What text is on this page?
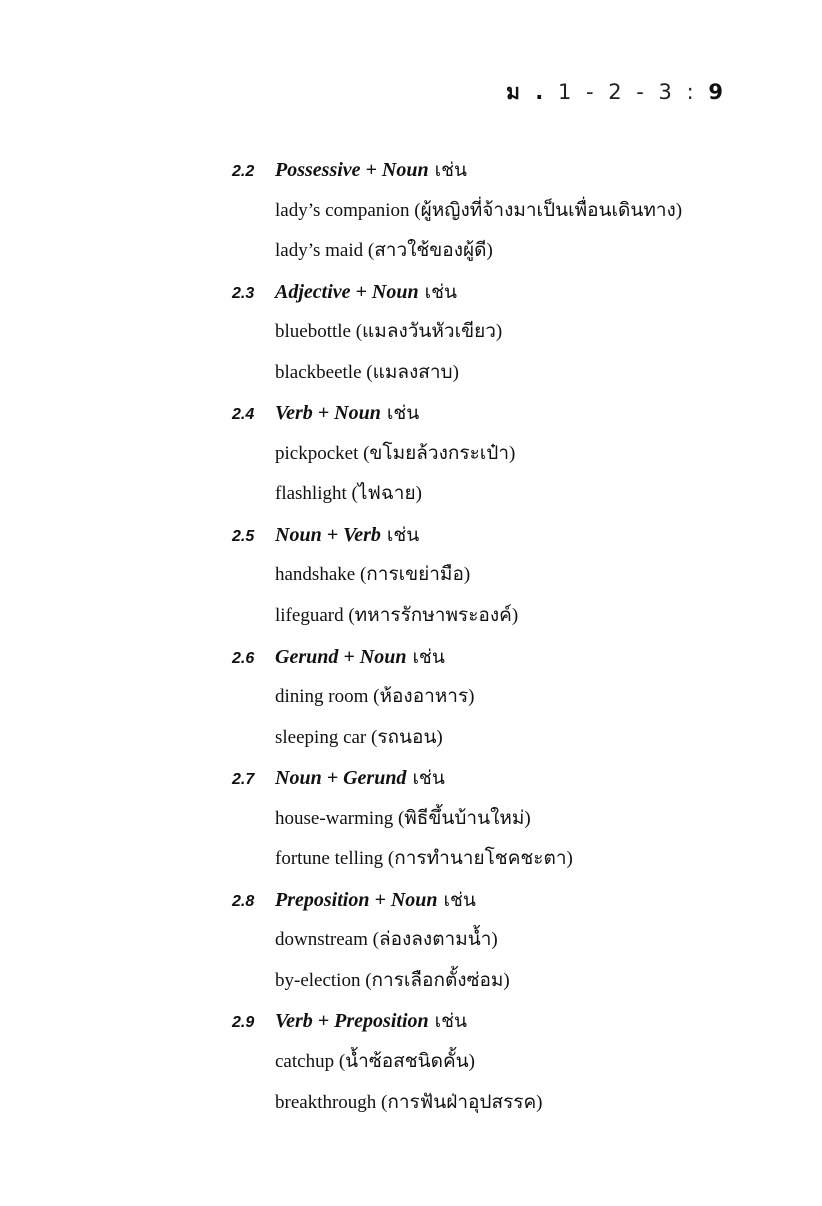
ม . 1 - 2 - 3 : 9
2.2 Possessive + Noun เช่น
lady’s companion (ผู้หญิงที่จ้างมาเป็นเพื่อนเดินทาง)
lady’s maid (สาวใช้ของผู้ดี)
2.3 Adjective + Noun เช่น
bluebottle (แมลงวันหัวเขียว)
blackbeetle (แมลงสาบ)
2.4 Verb + Noun เช่น
pickpocket (ขโมยล้วงกระเป๋า)
flashlight (ไฟฉาย)
2.5 Noun + Verb เช่น
handshake (การเขย่ามือ)
lifeguard (ทหารรักษาพระองค์)
2.6 Gerund + Noun เช่น
dining room (ห้องอาหาร)
sleeping car (รถนอน)
2.7 Noun + Gerund เช่น
house-warming (พิธีขึ้นบ้านใหม่)
fortune telling (การทำนายโชคชะตา)
2.8 Preposition + Noun เช่น
downstream (ล่องลงตามน้ำ)
by-election (การเลือกตั้งซ่อม)
2.9 Verb + Preposition เช่น
catchup (น้ำซ้อสชนิดคั้น)
breakthrough (การฟันฝ่าอุปสรรค)
